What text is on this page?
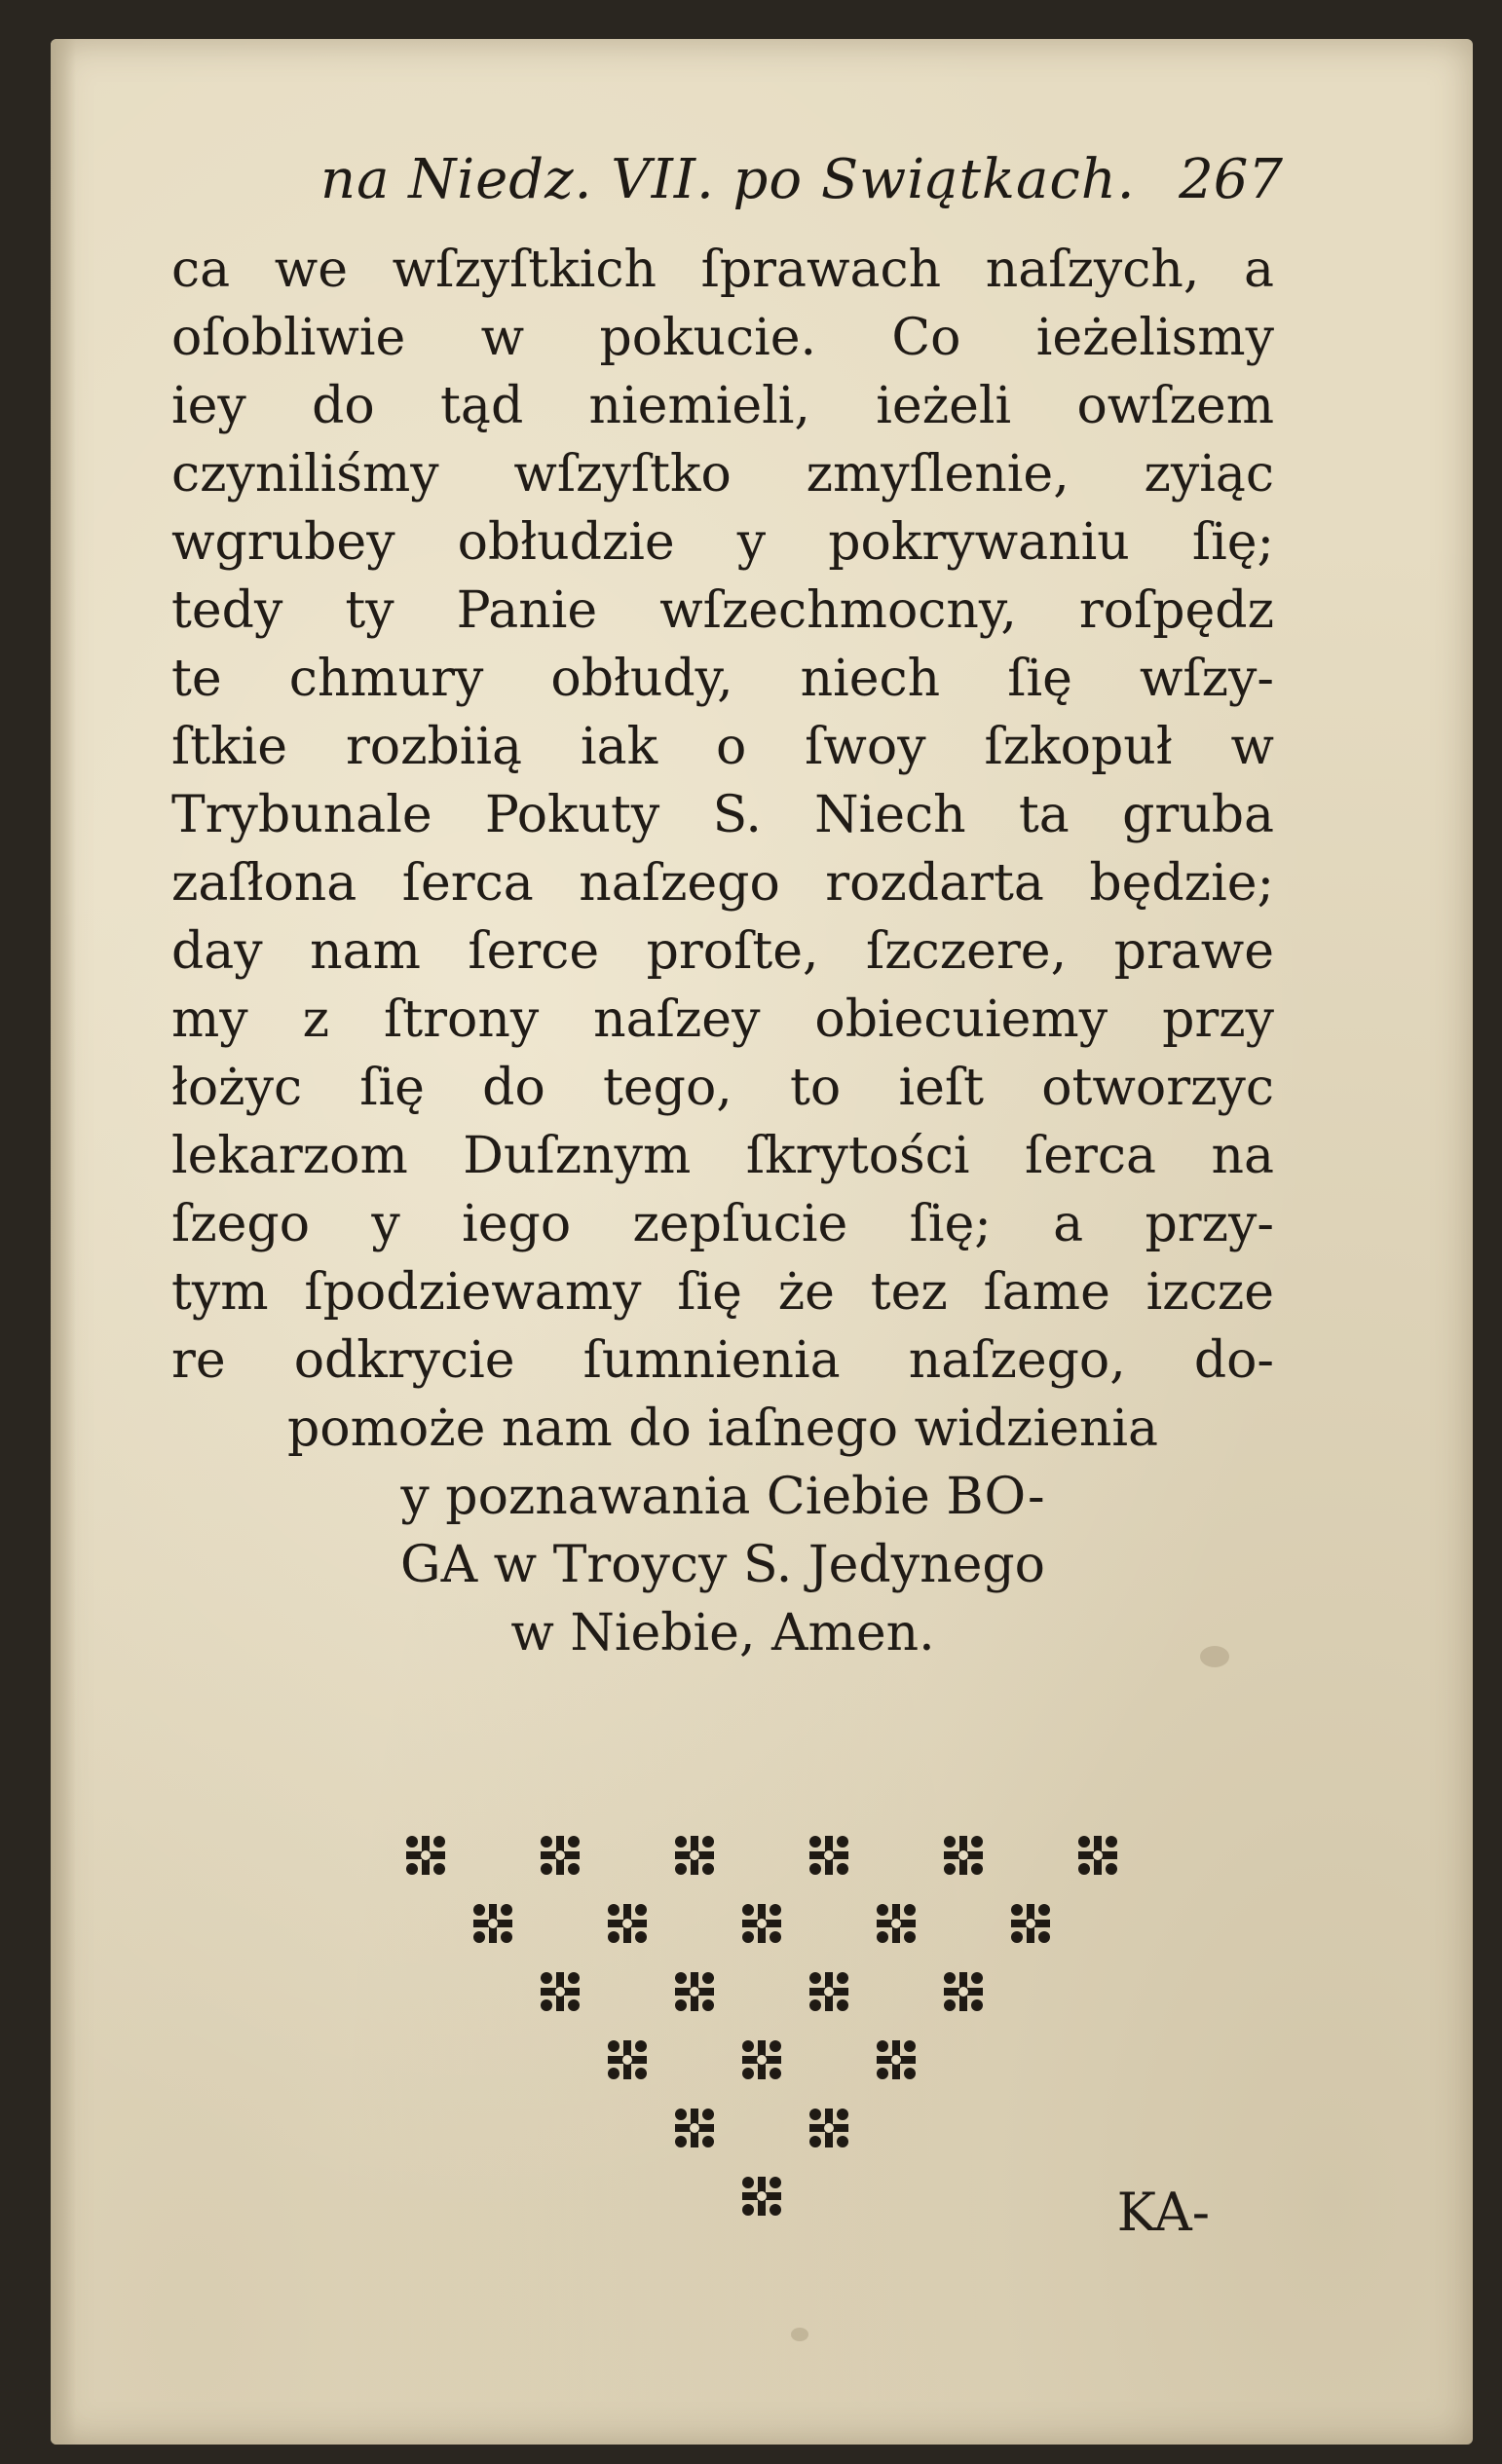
na Niedz. VII. po Swiątkach. 267
ca we wſzyſtkich ſprawach naſzych, a
oſobliwie w pokucie. Co ieżelismy
iey do tąd niemieli, ieżeli owſzem
czyniliśmy wſzyſtko zmyſlenie, zyiąc
wgrubey obłudzie y pokrywaniu ſię;
tedy ty Panie wſzechmocny, roſpędz
te chmury obłudy, niech ſię wſzy-
ſtkie rozbiią iak o ſwoy ſzkopuł w
Trybunale Pokuty S. Niech ta gruba
zaſłona ſerca naſzego rozdarta będzie;
day nam ſerce proſte, ſzczere, prawe
my z ſtrony naſzey obiecuiemy przy
łożyc ſię do tego, to ieſt otworzyc
lekarzom Duſznym ſkrytości ſerca na
ſzego y iego zepſucie ſię; a przy-
tym ſpodziewamy ſię że tez ſame izcze
re odkrycie ſumnienia naſzego, do-
pomoże nam do iaſnego widzienia
y poznawania Ciebie BO-
GA w Troycy S. Jedynego
w Niebie, Amen.
KA-
